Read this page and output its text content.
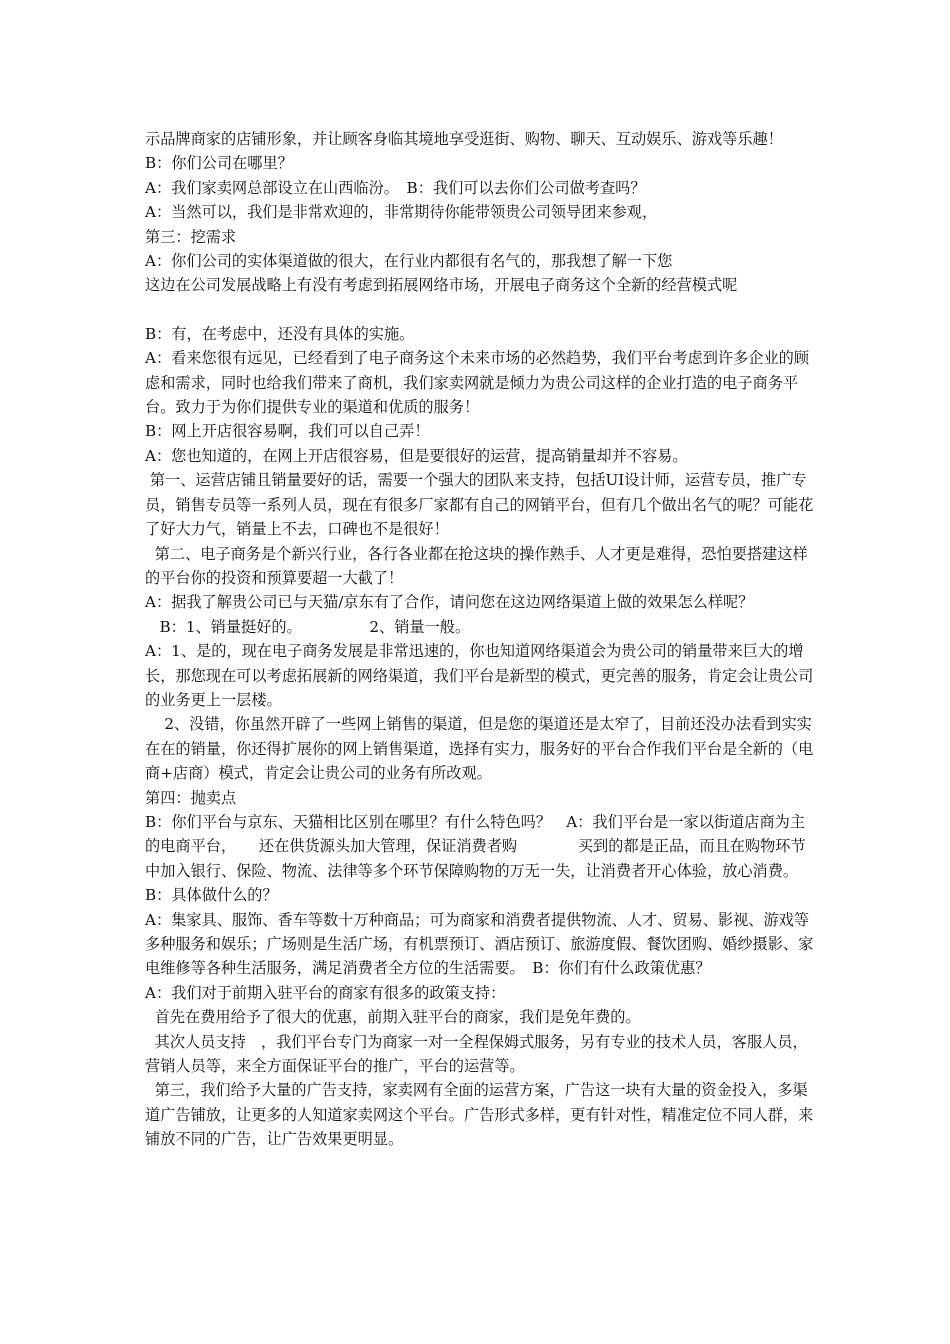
示品牌商家的店铺形象，并让顾客身临其境地享受逛街、购物、聊天、互动娱乐、游戏等乐趣！

B：你们公司在哪里？

A：我们家卖网总部设立在山西临汾。　B：我们可以去你们公司做考查吗？

A：当然可以，我们是非常欢迎的，非常期待你能带领贵公司领导团来参观，

第三：挖需求

A：你们公司的实体渠道做的很大，在行业内都很有名气的，那我想了解一下您

这边在公司发展战略上有没有考虑到拓展网络市场，开展电子商务这个全新的经营模式呢

B：有，在考虑中，还没有具体的实施。

A：看来您很有远见，已经看到了电子商务这个未来市场的必然趋势，我们平台考虑到许多企业的顾虑和需求，同时也给我们带来了商机，我们家卖网就是倾力为贵公司这样的企业打造的电子商务平台。致力于为你们提供专业的渠道和优质的服务！

B：网上开店很容易啊，我们可以自己弄！

A：您也知道的，在网上开店很容易，但是要很好的运营，提高销量却并不容易。

第一、运营店铺且销量要好的话，需要一个强大的团队来支持，包括UI设计师，运营专员，推广专员，销售专员等一系列人员，现在有很多厂家都有自己的网销平台，但有几个做出名气的呢？可能花了好大力气，销量上不去，口碑也不是很好！

第二、电子商务是个新兴行业，各行各业都在抢这块的操作熟手、人才更是难得，恐怕要搭建这样的平台你的投资和预算要超一大截了！

A：据我了解贵公司已与天猫/京东有了合作，请问您在这边网络渠道上做的效果怎么样呢？

B：1、销量挺好的。              2、销量一般。

A：1、是的，现在电子商务发展是非常迅速的，你也知道网络渠道会为贵公司的销量带来巨大的增长，那您现在可以考虑拓展新的网络渠道，我们平台是新型的模式，更完善的服务，肯定会让贵公司的业务更上一层楼。

2、没错，你虽然开辟了一些网上销售的渠道，但是您的渠道还是太窄了，目前还没办法看到实实在在的销量，你还得扩展你的网上销售渠道，选择有实力，服务好的平台合作我们平台是全新的（电商+店商）模式，肯定会让贵公司的业务有所改观。

第四：抛卖点

B：你们平台与京东、天猫相比区别在哪里？有什么特色吗？　A：我们平台是一家以街道店商为主的电商平台，　　还在供货源头加大管理，保证消费者购　　　　买到的都是正品，而且在购物环节中加入银行、保险、物流、法律等多个环节保障购物的万无一失，让消费者开心体验，放心消费。　B：具体做什么的？

A：集家具、服饰、香车等数十万种商品；可为商家和消费者提供物流、人才、贸易、影视、游戏等多种服务和娱乐；广场则是生活广场，有机票预订、酒店预订、旅游度假、餐饮团购、婚纱摄影、家电维修等各种生活服务，满足消费者全方位的生活需要。　B：你们有什么政策优惠？

A：我们对于前期入驻平台的商家有很多的政策支持：

首先在费用给予了很大的优惠，前期入驻平台的商家，我们是免年费的。

其次人员支持　，我们平台专门为商家一对一全程保姆式服务，另有专业的技术人员，客服人员，营销人员等，来全方面保证平台的推广，平台的运营等。

第三，我们给予大量的广告支持，家卖网有全面的运营方案，广告这一块有大量的资金投入，多渠道广告铺放，让更多的人知道家卖网这个平台。广告形式多样，更有针对性，精准定位不同人群，来铺放不同的广告，让广告效果更明显。
